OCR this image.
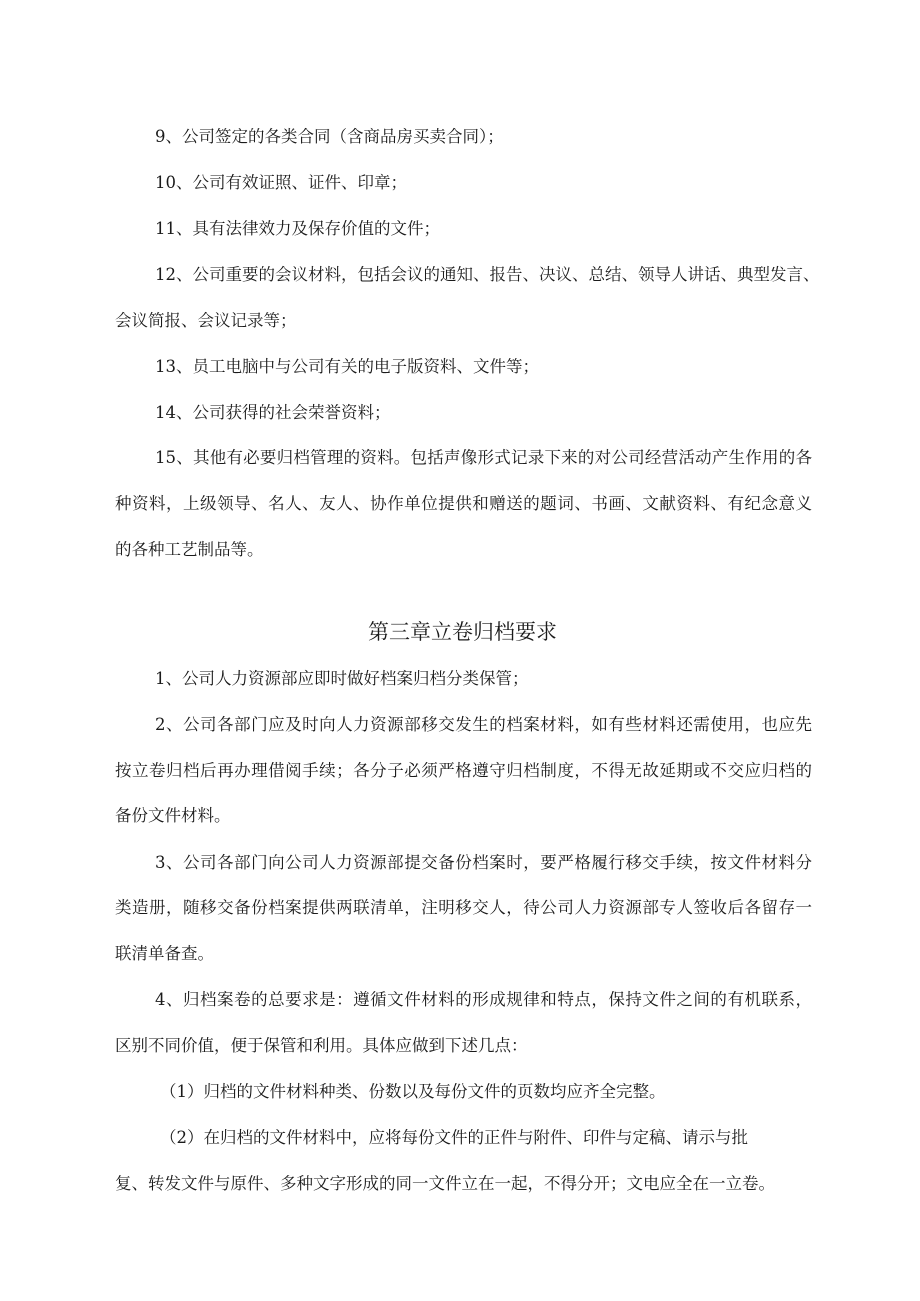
9、公司签定的各类合同（含商品房买卖合同）；
10、公司有效证照、证件、印章；
11、具有法律效力及保存价值的文件；
12、公司重要的会议材料，包括会议的通知、报告、决议、总结、领导人讲话、典型发言、
会议简报、会议记录等；
13、员工电脑中与公司有关的电子版资料、文件等；
14、公司获得的社会荣誉资料；
15、其他有必要归档管理的资料。包括声像形式记录下来的对公司经营活动产生作用的各
种资料，上级领导、名人、友人、协作单位提供和赠送的题词、书画、文献资料、有纪念意义
的各种工艺制品等。
第三章立卷归档要求
1、公司人力资源部应即时做好档案归档分类保管；
2、公司各部门应及时向人力资源部移交发生的档案材料，如有些材料还需使用，也应先
按立卷归档后再办理借阅手续；各分子必须严格遵守归档制度，不得无故延期或不交应归档的
备份文件材料。
3、公司各部门向公司人力资源部提交备份档案时，要严格履行移交手续，按文件材料分
类造册，随移交备份档案提供两联清单，注明移交人，待公司人力资源部专人签收后各留存一
联清单备查。
4、归档案卷的总要求是：遵循文件材料的形成规律和特点，保持文件之间的有机联系，
区别不同价值，便于保管和利用。具体应做到下述几点：
（1）归档的文件材料种类、份数以及每份文件的页数均应齐全完整。
（2）在归档的文件材料中，应将每份文件的正件与附件、印件与定稿、请示与批
复、转发文件与原件、多种文字形成的同一文件立在一起，不得分开；文电应全在一立卷。
